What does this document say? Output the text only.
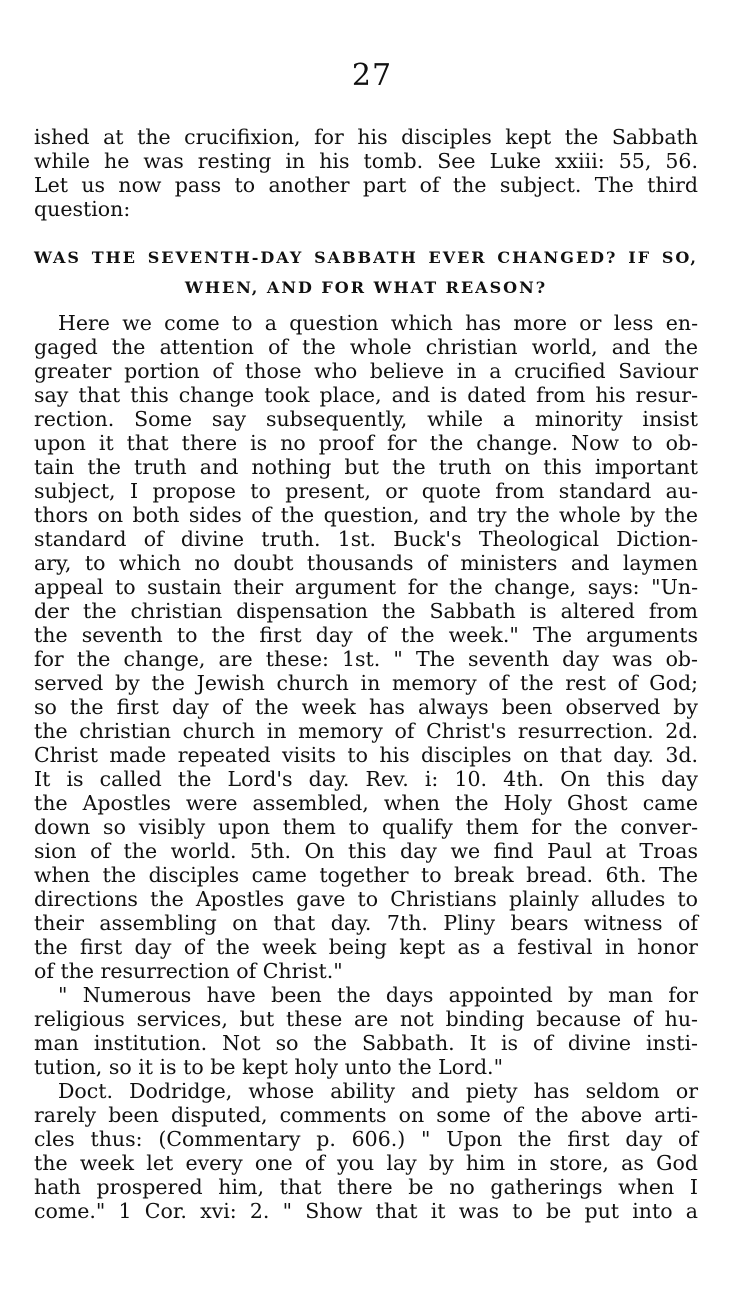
27
ished at the crucifixion, for his disciples kept the Sabbath
while he was resting in his tomb. See Luke xxiii: 55, 56.
Let us now pass to another part of the subject. The third
question:
WAS THE SEVENTH-DAY SABBATH EVER CHANGED? IF SO,
WHEN, AND FOR WHAT REASON?
Here we come to a question which has more or less en-
gaged the attention of the whole christian world, and the
greater portion of those who believe in a crucified Saviour
say that this change took place, and is dated from his resur-
rection. Some say subsequently, while a minority insist
upon it that there is no proof for the change. Now to ob-
tain the truth and nothing but the truth on this important
subject, I propose to present, or quote from standard au-
thors on both sides of the question, and try the whole by the
standard of divine truth. 1st. Buck's Theological Diction-
ary, to which no doubt thousands of ministers and laymen
appeal to sustain their argument for the change, says: "Un-
der the christian dispensation the Sabbath is altered from
the seventh to the first day of the week." The arguments
for the change, are these: 1st. " The seventh day was ob-
served by the Jewish church in memory of the rest of God;
so the first day of the week has always been observed by
the christian church in memory of Christ's resurrection. 2d.
Christ made repeated visits to his disciples on that day. 3d.
It is called the Lord's day. Rev. i: 10. 4th. On this day
the Apostles were assembled, when the Holy Ghost came
down so visibly upon them to qualify them for the conver-
sion of the world. 5th. On this day we find Paul at Troas
when the disciples came together to break bread. 6th. The
directions the Apostles gave to Christians plainly alludes to
their assembling on that day. 7th. Pliny bears witness of
the first day of the week being kept as a festival in honor
of the resurrection of Christ."
" Numerous have been the days appointed by man for
religious services, but these are not binding because of hu-
man institution. Not so the Sabbath. It is of divine insti-
tution, so it is to be kept holy unto the Lord."
Doct. Dodridge, whose ability and piety has seldom or
rarely been disputed, comments on some of the above arti-
cles thus: (Commentary p. 606.) " Upon the first day of
the week let every one of you lay by him in store, as God
hath prospered him, that there be no gatherings when I
come." 1 Cor. xvi: 2. " Show that it was to be put into a
